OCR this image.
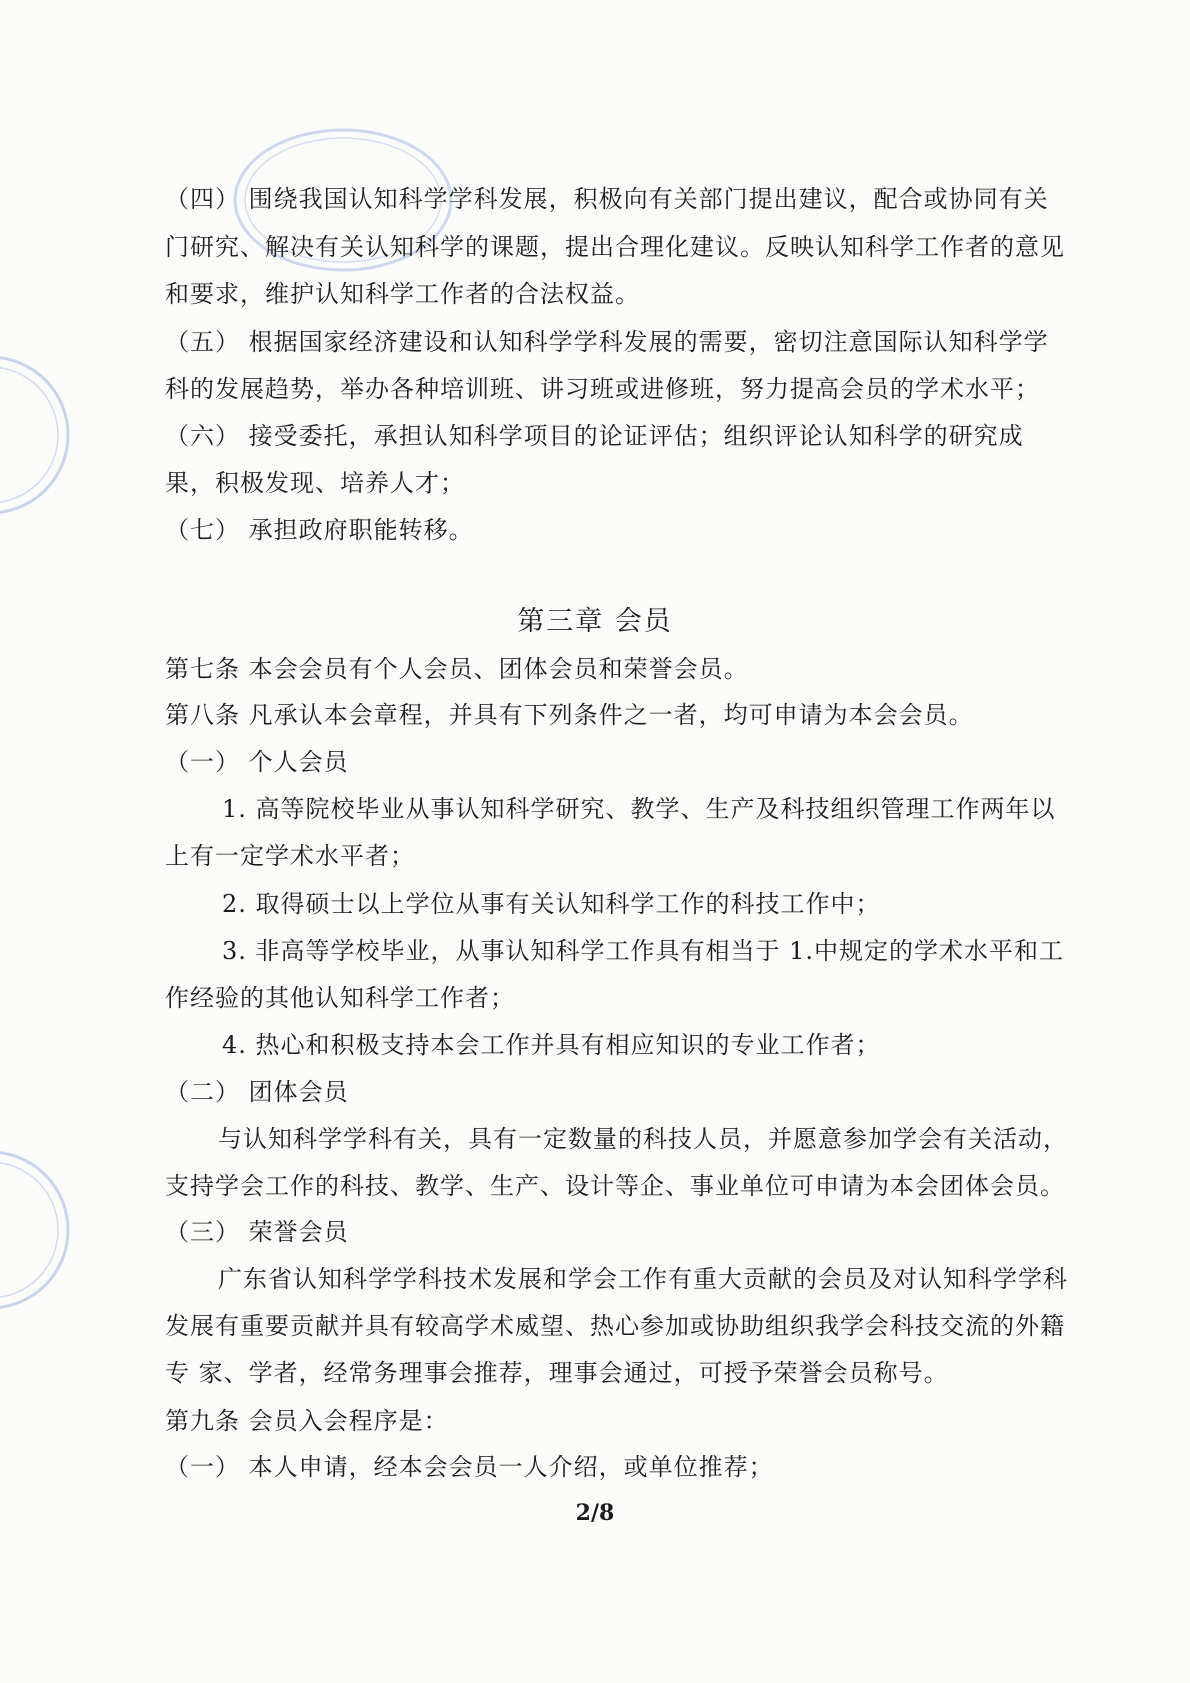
（四） 围绕我国认知科学学科发展，积极向有关部门提出建议，配合或协同有关
门研究、解决有关认知科学的课题，提出合理化建议。反映认知科学工作者的意见
和要求，维护认知科学工作者的合法权益。
（五） 根据国家经济建设和认知科学学科发展的需要，密切注意国际认知科学学
科的发展趋势，举办各种培训班、讲习班或进修班，努力提高会员的学术水平；
（六） 接受委托，承担认知科学项目的论证评估；组织评论认知科学的研究成
果，积极发现、培养人才；
（七） 承担政府职能转移。
第三章 会员
第七条 本会会员有个人会员、团体会员和荣誉会员。
第八条 凡承认本会章程，并具有下列条件之一者，均可申请为本会会员。
（一） 个人会员
1. 高等院校毕业从事认知科学研究、教学、生产及科技组织管理工作两年以
上有一定学术水平者；
2. 取得硕士以上学位从事有关认知科学工作的科技工作中；
3. 非高等学校毕业，从事认知科学工作具有相当于 1.中规定的学术水平和工
作经验的其他认知科学工作者；
4. 热心和积极支持本会工作并具有相应知识的专业工作者；
（二） 团体会员
与认知科学学科有关，具有一定数量的科技人员，并愿意参加学会有关活动，
支持学会工作的科技、教学、生产、设计等企、事业单位可申请为本会团体会员。
（三） 荣誉会员
广东省认知科学学科技术发展和学会工作有重大贡献的会员及对认知科学学科
发展有重要贡献并具有较高学术威望、热心参加或协助组织我学会科技交流的外籍
专 家、学者，经常务理事会推荐，理事会通过，可授予荣誉会员称号。
第九条 会员入会程序是：
（一） 本人申请，经本会会员一人介绍，或单位推荐；
2/8
